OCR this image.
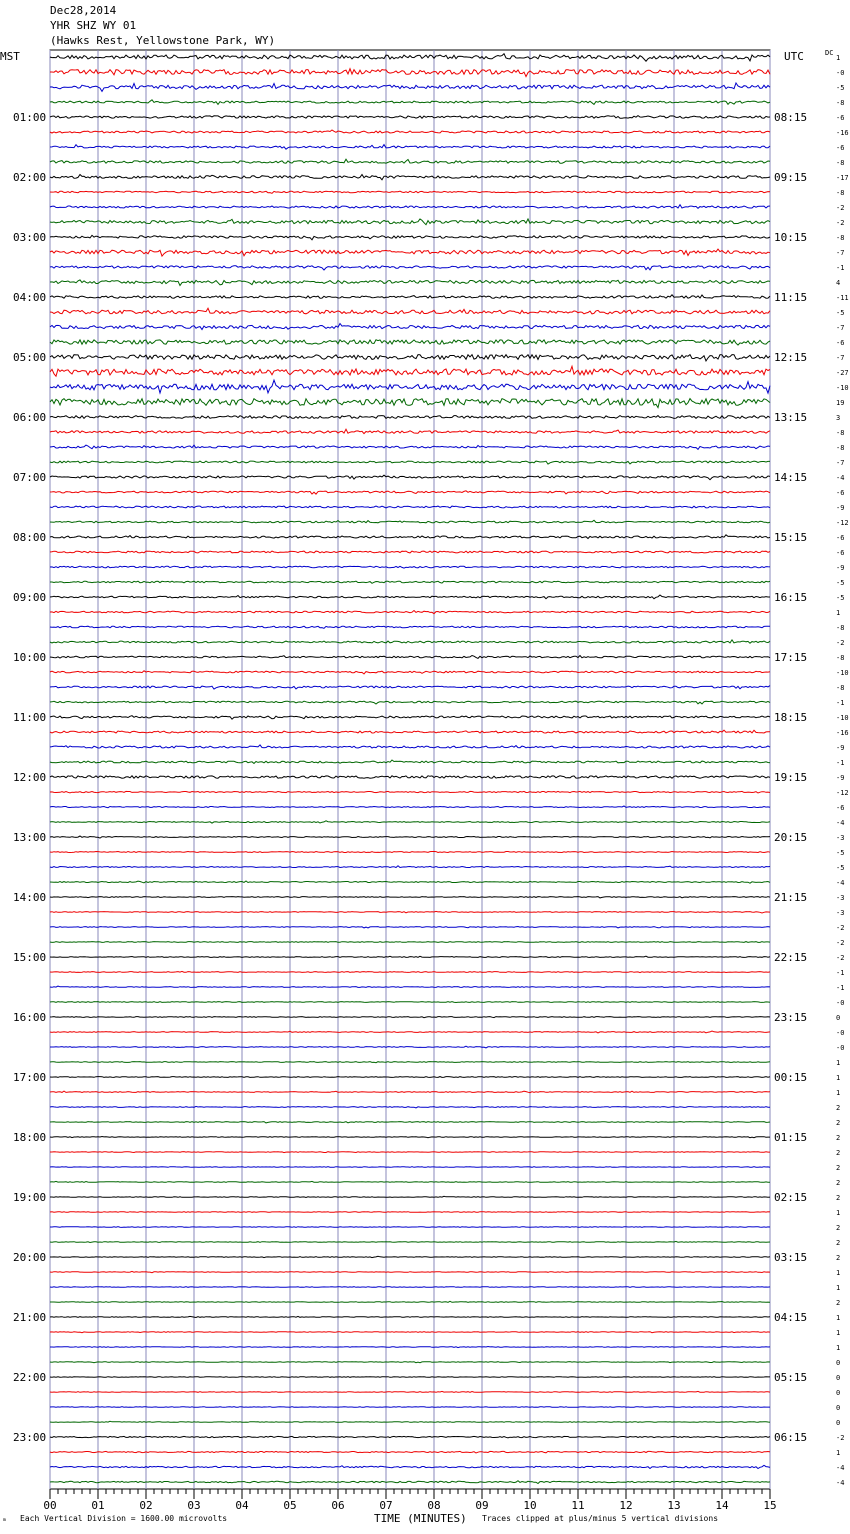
Dec28,2014
YHR SHZ WY 01
(Hawks Rest, Yellowstone Park, WY)
MST	UTC	DC
1
-0
-5
-8
-6
-16
-6
-8
-17
-8
-2
-2
-8
-7
-1
4
-11
-5
-7
-6
-7
-27
-10
19
3
-8
-8
-7
-4
-6
-9
-12
-6
-6
-9
-5
-5
1
-8
-2
-8
-10
-8
-1
-10
-16
-9
-1
-9
-12
-6
-4
-3
-5
-5
-4
-3
-3
-2
-2
-2
-1
-1
-0
0
-0
-0
1
1
1
2
2
2
2
2
2
2
1
2
2
2
1
1
2
1
1
1
0
0
0
0
0
-2
1
-4
-4
01:00
02:00
03:00
04:00
05:00
06:00
07:00
08:00
09:00
10:00
11:00
12:00
13:00
14:00
15:00
16:00
17:00
18:00
19:00
20:00
21:00
22:00
23:00
08:15
09:15
10:15
11:15
12:15
13:15
14:15
15:15
16:15
17:15
18:15
19:15
20:15
21:15
22:15
23:15
00:15
01:15
02:15
03:15
04:15
05:15
06:15
00	01	02	03	04	05	06	07	08	09	10	11	12	13	14	15
ₘ Each Vertical Division = 1600.00 microvolts	TIME (MINUTES) Traces clipped at plus/minus 5 vertical divisions
